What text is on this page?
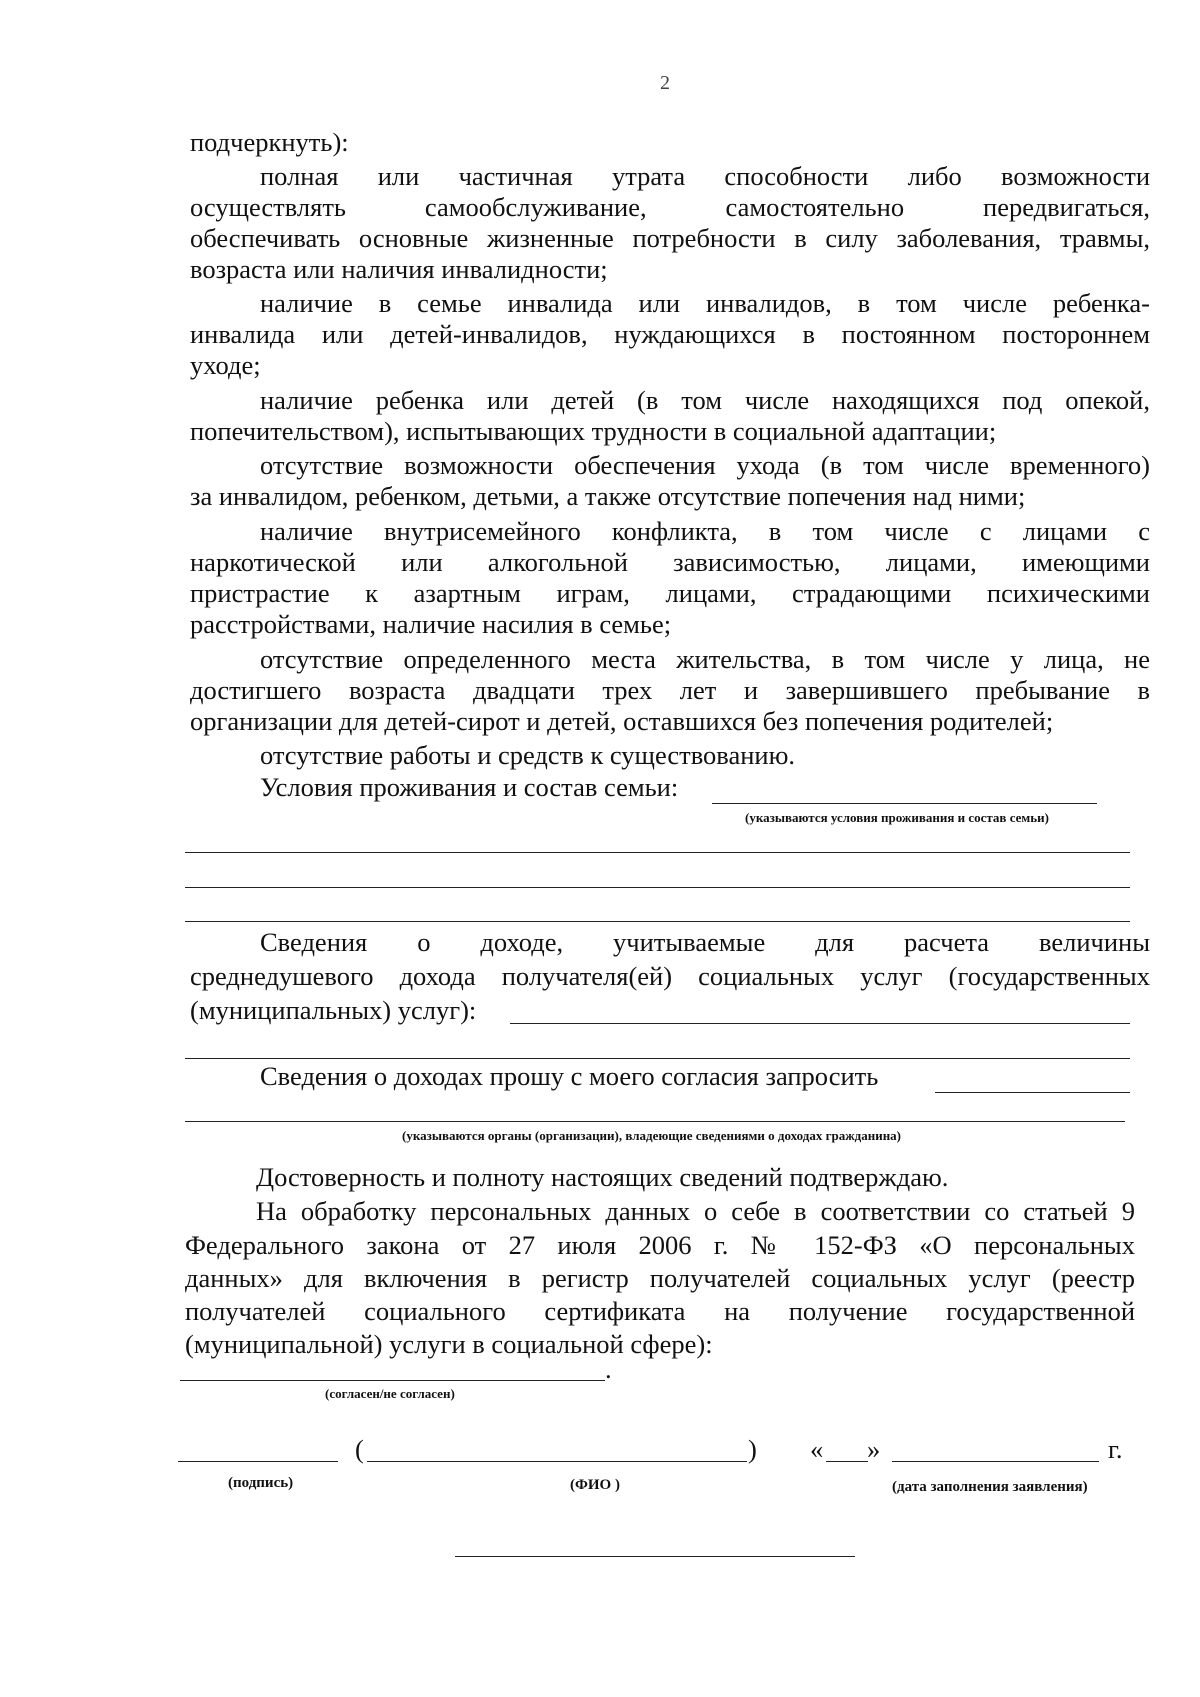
2
подчеркнуть):
полная или частичная утрата способности либо возможности
осуществлять самообслуживание, самостоятельно передвигаться,
обеспечивать основные жизненные потребности в силу заболевания, травмы,
возраста или наличия инвалидности;
наличие в семье инвалида или инвалидов, в том числе ребенка-
инвалида или детей-инвалидов, нуждающихся в постоянном постороннем
уходе;
наличие ребенка или детей (в том числе находящихся под опекой,
попечительством), испытывающих трудности в социальной адаптации;
отсутствие возможности обеспечения ухода (в том числе временного)
за инвалидом, ребенком, детьми, а также отсутствие попечения над ними;
наличие внутрисемейного конфликта, в том числе с лицами с
наркотической или алкогольной зависимостью, лицами, имеющими
пристрастие к азартным играм, лицами, страдающими психическими
расстройствами, наличие насилия в семье;
отсутствие определенного места жительства, в том числе у лица, не
достигшего возраста двадцати трех лет и завершившего пребывание в
организации для детей-сирот и детей, оставшихся без попечения родителей;
отсутствие работы и средств к существованию.
Условия проживания и состав семьи:
(указываются условия проживания и состав семьи)
Сведения о доходе, учитываемые для расчета величины
среднедушевого дохода получателя(ей) социальных услуг (государственных
(муниципальных) услуг):
Сведения о доходах прошу с моего согласия запросить
(указываются органы (организации), владеющие сведениями о доходах гражданина)
Достоверность и полноту настоящих сведений подтверждаю.
На обработку персональных данных о себе в соответствии со статьей 9
Федерального закона от 27 июля 2006 г. № 152-ФЗ «О персональных
данных» для включения в регистр получателей социальных услуг (реестр
получателей социального сертификата на получение государственной
(муниципальной) услуги в социальной сфере):
.
(согласен/не согласен)
(	) « »	г.
(подпись)	(ФИО )	(дата заполнения заявления)
